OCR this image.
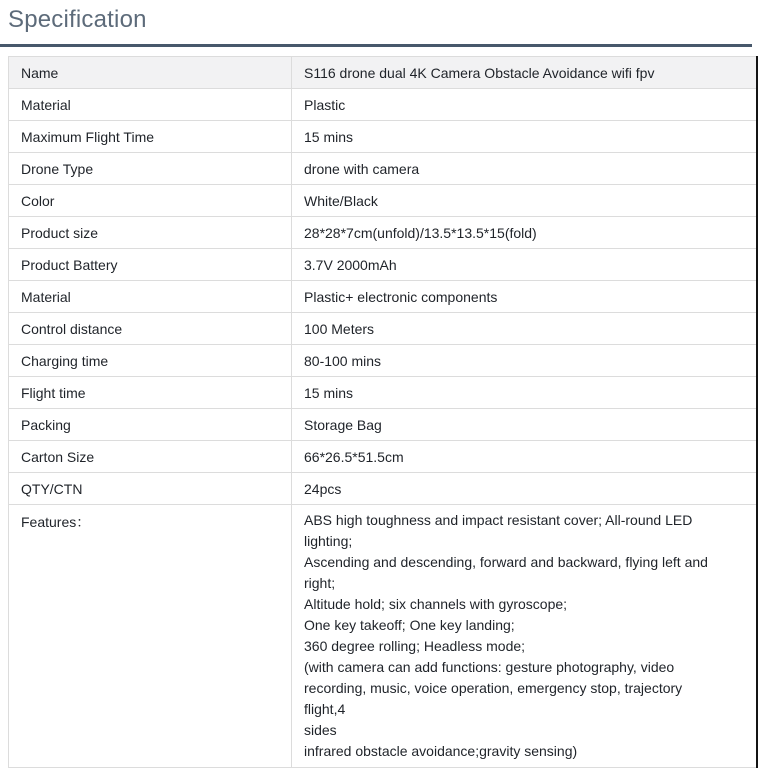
Specification
Name	S116 drone dual 4K Camera Obstacle Avoidance wifi fpv
Material	Plastic
Maximum Flight Time	15 mins
Drone Type	drone with camera
Color	White/Black
Product size	28*28*7cm(unfold)/13.5*13.5*15(fold)
Product Battery	3.7V 2000mAh
Material	Plastic+ electronic components
Control distance	100 Meters
Charging time	80-100 mins
Flight time	15 mins
Packing	Storage Bag
Carton Size	66*26.5*51.5cm
QTY/CTN	24pcs
Features：	ABS high toughness and impact resistant cover; All-round LED
lighting;
Ascending and descending, forward and backward, flying left and
right;
Altitude hold; six channels with gyroscope;
One key takeoff; One key landing;
360 degree rolling; Headless mode;
(with camera can add functions: gesture photography, video
recording, music, voice operation, emergency stop, trajectory
flight,4
sides
infrared obstacle avoidance;gravity sensing)
